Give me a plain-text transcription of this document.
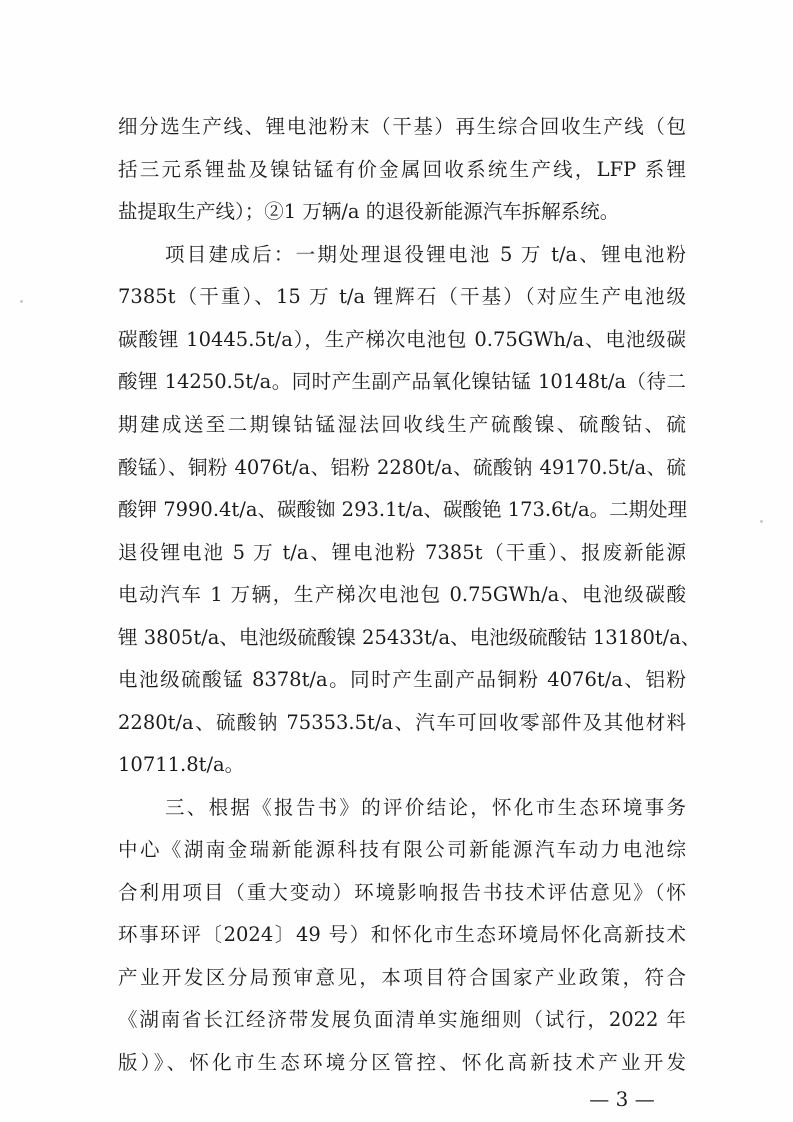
细分选生产线、锂电池粉末（干基）再生综合回收生产线（包
括三元系锂盐及镍钴锰有价金属回收系统生产线，LFP 系锂
盐提取生产线）；②1 万辆/a 的退役新能源汽车拆解系统。
项目建成后：一期处理退役锂电池 5 万 t/a、锂电池粉
7385t（干重）、15 万 t/a 锂辉石（干基）（对应生产电池级
碳酸锂 10445.5t/a），生产梯次电池包 0.75GWh/a、电池级碳
酸锂 14250.5t/a。同时产生副产品氧化镍钴锰 10148t/a（待二
期建成送至二期镍钴锰湿法回收线生产硫酸镍、硫酸钴、硫
酸锰）、铜粉 4076t/a、铝粉 2280t/a、硫酸钠 49170.5t/a、硫
酸钾 7990.4t/a、碳酸铷 293.1t/a、碳酸铯 173.6t/a。二期处理
退役锂电池 5 万 t/a、锂电池粉 7385t（干重）、报废新能源
电动汽车 1 万辆，生产梯次电池包 0.75GWh/a、电池级碳酸
锂 3805t/a、电池级硫酸镍 25433t/a、电池级硫酸钴 13180t/a、
电池级硫酸锰 8378t/a。同时产生副产品铜粉 4076t/a、铝粉
2280t/a、硫酸钠 75353.5t/a、汽车可回收零部件及其他材料
10711.8t/a。
三、根据《报告书》的评价结论，怀化市生态环境事务
中心《湖南金瑞新能源科技有限公司新能源汽车动力电池综
合利用项目（重大变动）环境影响报告书技术评估意见》（怀
环事环评〔2024〕49 号）和怀化市生态环境局怀化高新技术
产业开发区分局预审意见，本项目符合国家产业政策，符合
《湖南省长江经济带发展负面清单实施细则（试行，2022 年
版）》、怀化市生态环境分区管控、怀化高新技术产业开发
— 3 —
